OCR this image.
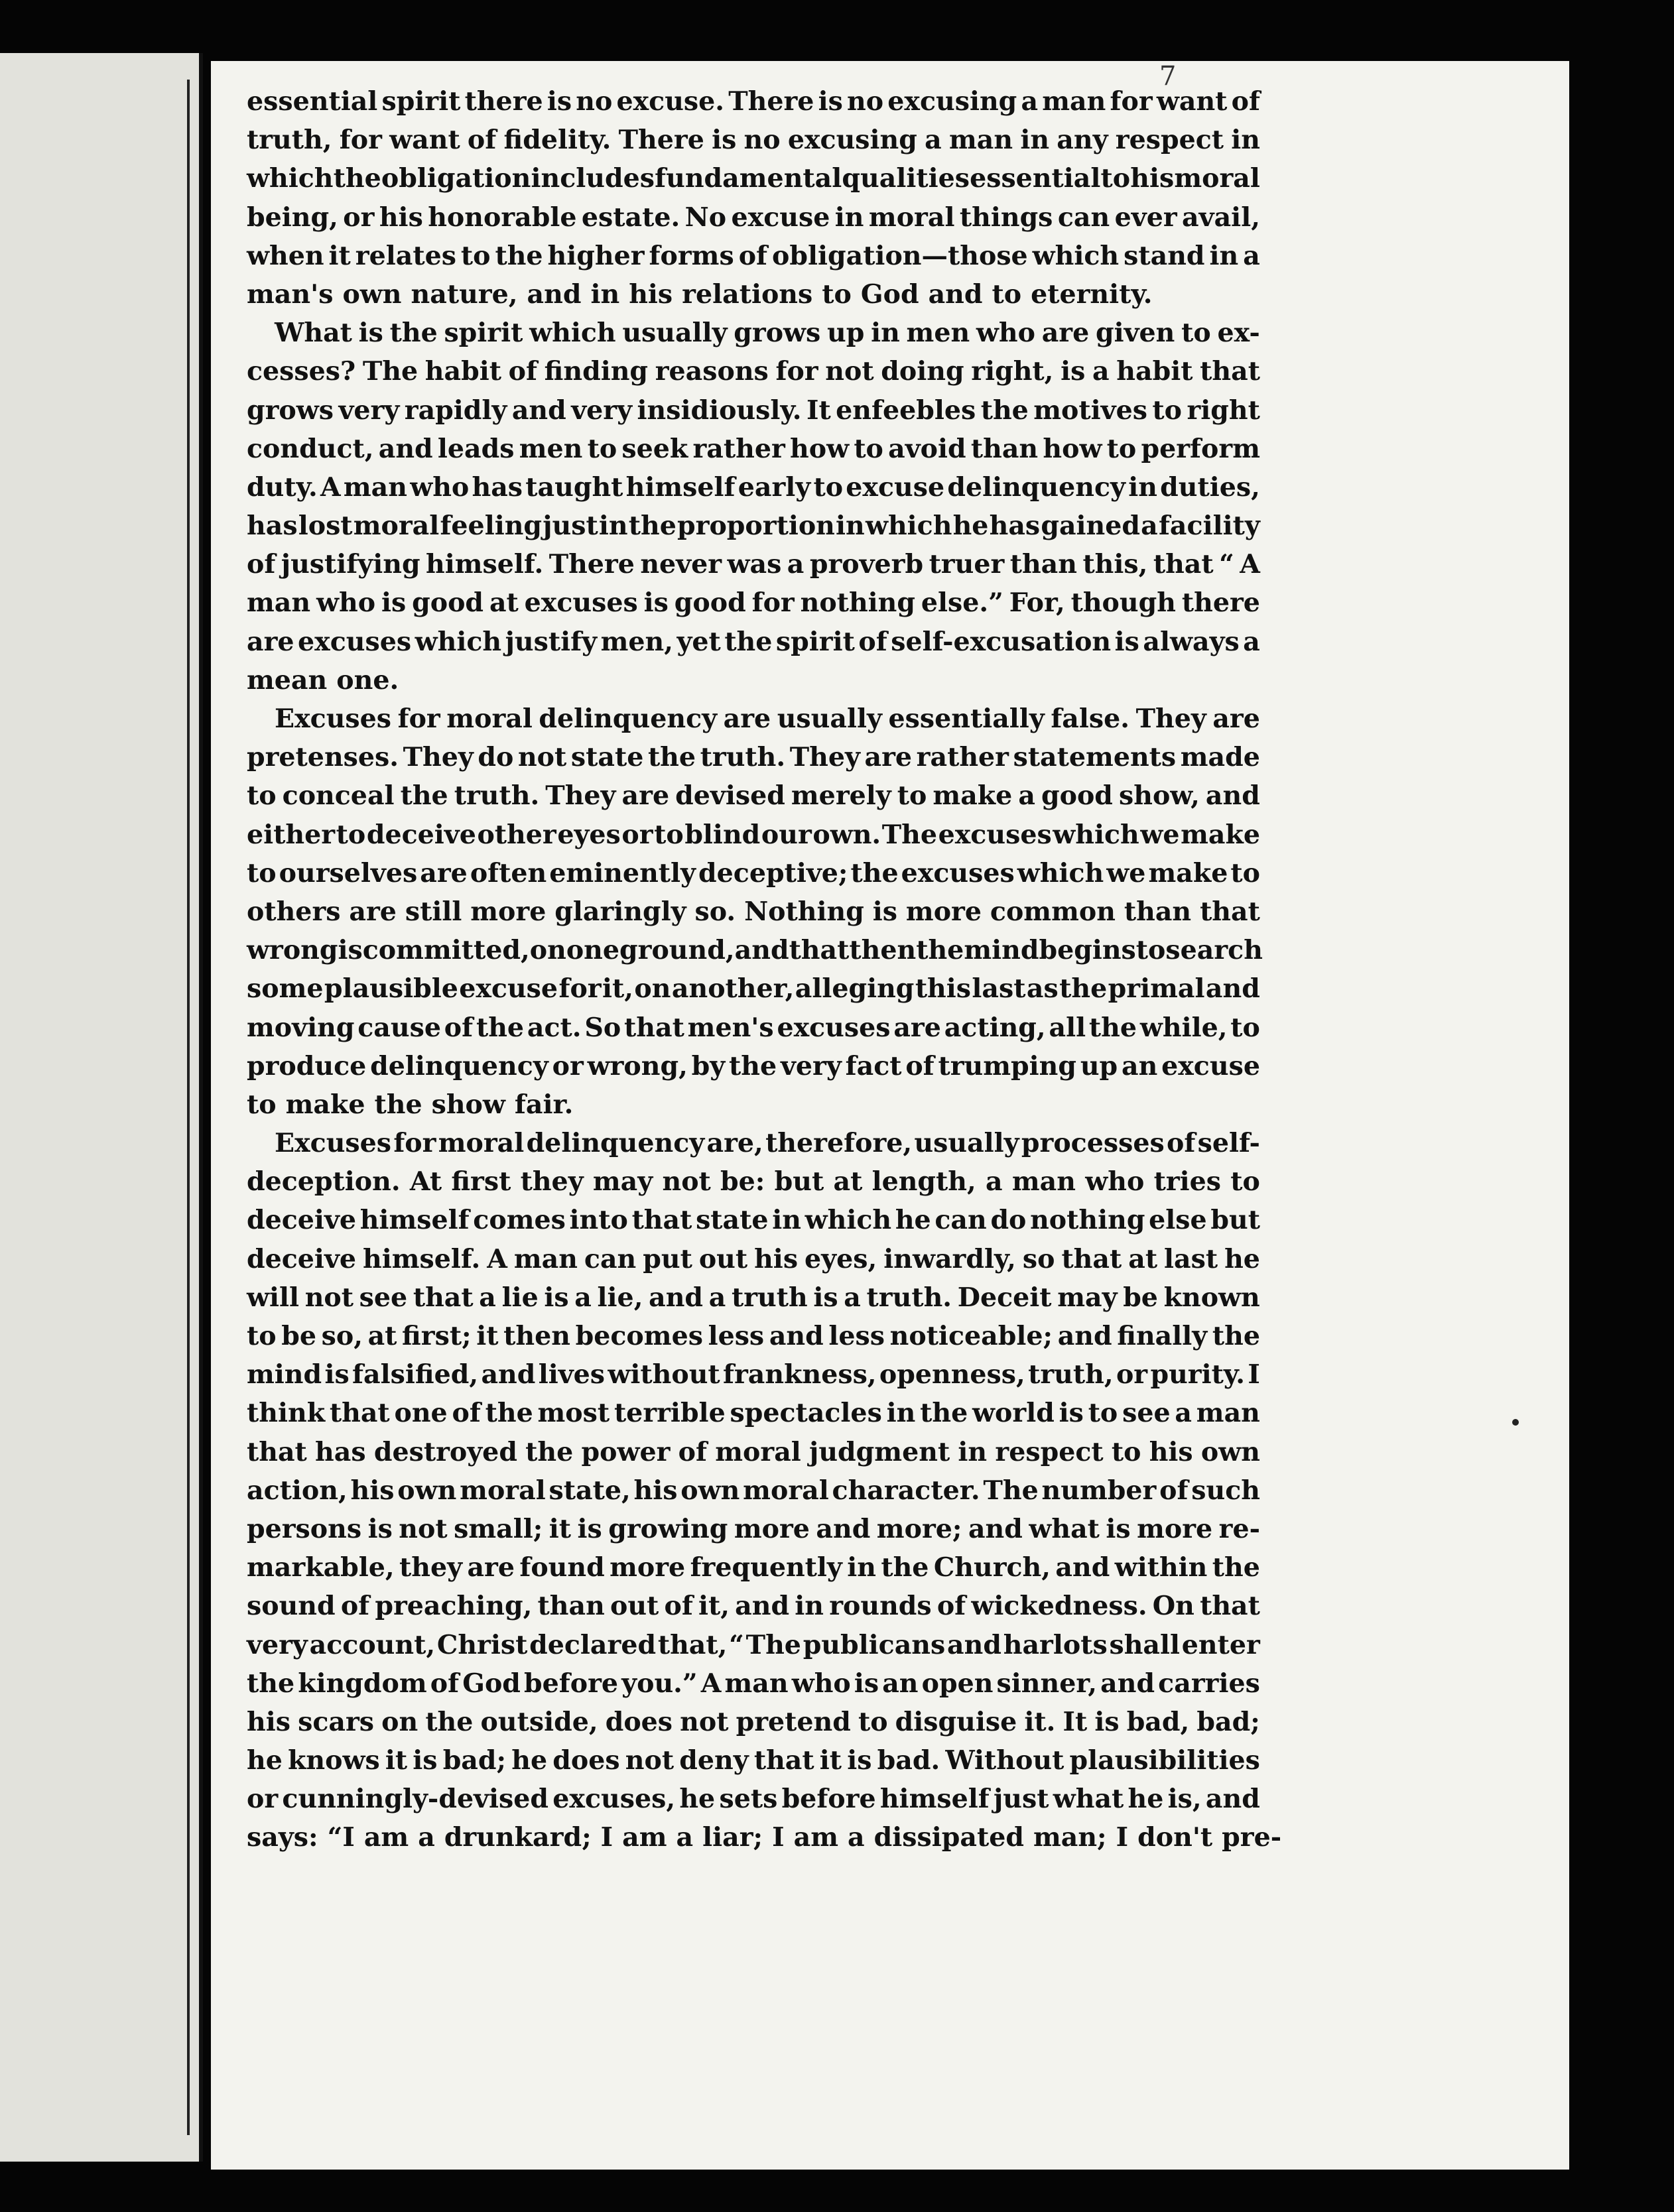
7
essential spirit there is no excuse. There is no excusing a man for want of
truth, for want of fidelity. There is no excusing a man in any respect in
which the obligation includes fundamental qualities essential to his moral
being, or his honorable estate. No excuse in moral things can ever avail,
when it relates to the higher forms of obligation—those which stand in a
man's own nature, and in his relations to God and to eternity.
What is the spirit which usually grows up in men who are given to ex-
cesses? The habit of finding reasons for not doing right, is a habit that
grows very rapidly and very insidiously. It enfeebles the motives to right
conduct, and leads men to seek rather how to avoid than how to perform
duty. A man who has taught himself early to excuse delinquency in duties,
has lost moral feeling just in the proportion in which he has gained a facility
of justifying himself. There never was a proverb truer than this, that “ A
man who is good at excuses is good for nothing else.” For, though there
are excuses which justify men, yet the spirit of self-excusation is always a
mean one.
Excuses for moral delinquency are usually essentially false. They are
pretenses. They do not state the truth. They are rather statements made
to conceal the truth. They are devised merely to make a good show, and
either to deceive other eyes or to blind our own. The excuses which we make
to ourselves are often eminently deceptive; the excuses which we make to
others are still more glaringly so. Nothing is more common than that
wrong is committed, on one ground, and that then the mind begins to search
some plausible excuse for it, on another, alleging this last as the primal and
moving cause of the act. So that men's excuses are acting, all the while, to
produce delinquency or wrong, by the very fact of trumping up an excuse
to make the show fair.
Excuses for moral delinquency are, therefore, usually processes of self-
deception. At first they may not be: but at length, a man who tries to
deceive himself comes into that state in which he can do nothing else but
deceive himself. A man can put out his eyes, inwardly, so that at last he
will not see that a lie is a lie, and a truth is a truth. Deceit may be known
to be so, at first; it then becomes less and less noticeable; and finally the
mind is falsified, and lives without frankness, openness, truth, or purity. I
think that one of the most terrible spectacles in the world is to see a man
that has destroyed the power of moral judgment in respect to his own
action, his own moral state, his own moral character. The number of such
persons is not small; it is growing more and more; and what is more re-
markable, they are found more frequently in the Church, and within the
sound of preaching, than out of it, and in rounds of wickedness. On that
very account, Christ declared that, “ The publicans and harlots shall enter
the kingdom of God before you.” A man who is an open sinner, and carries
his scars on the outside, does not pretend to disguise it. It is bad, bad;
he knows it is bad; he does not deny that it is bad. Without plausibilities
or cunningly-devised excuses, he sets before himself just what he is, and
says: “I am a drunkard; I am a liar; I am a dissipated man; I don't pre-
